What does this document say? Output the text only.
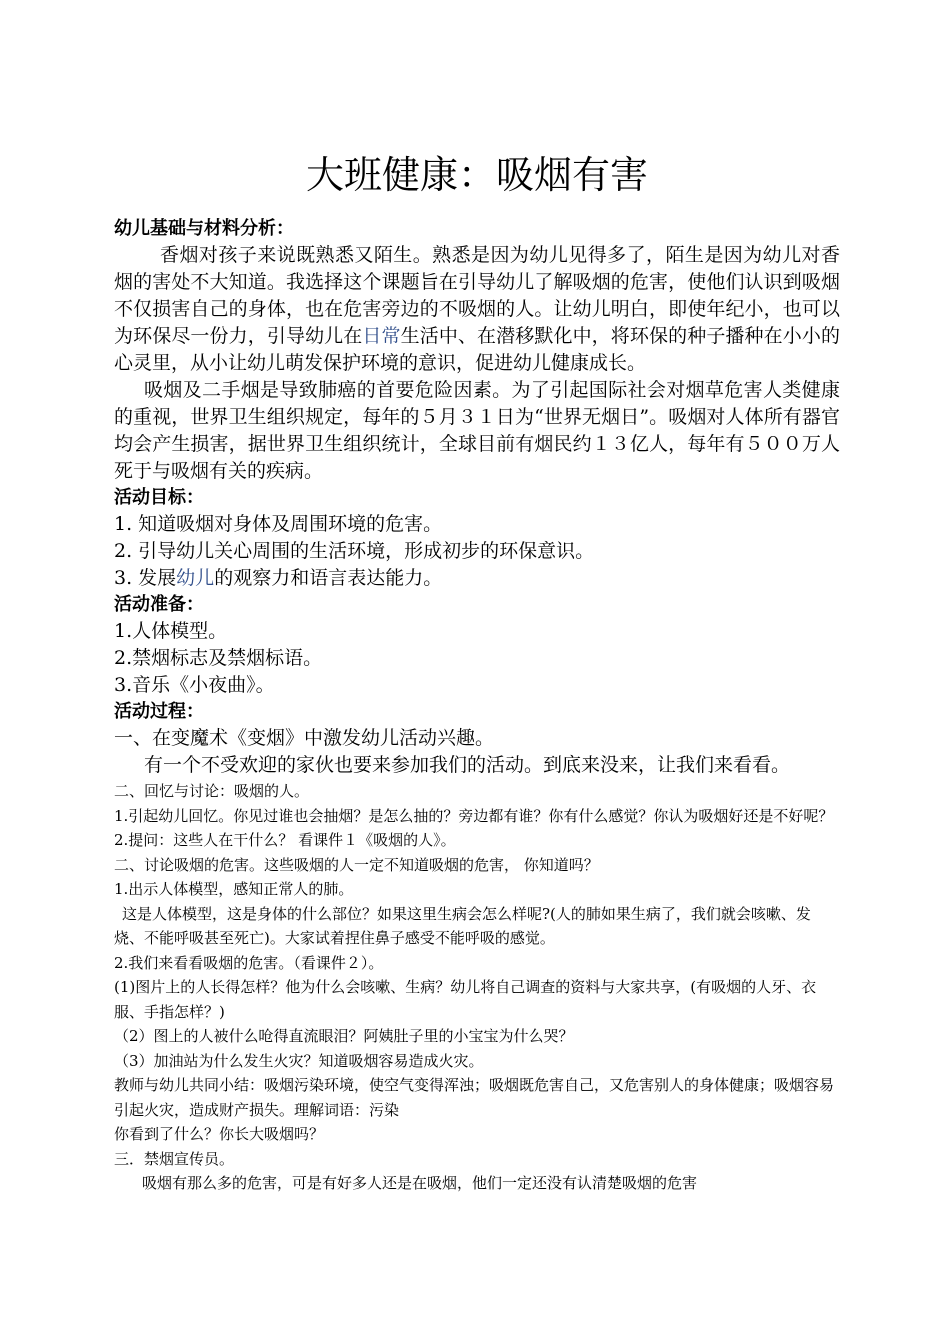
大班健康：吸烟有害

幼儿基础与材料分析：

香烟对孩子来说既熟悉又陌生。熟悉是因为幼儿见得多了，陌生是因为幼儿对香烟的害处不大知道。我选择这个课题旨在引导幼儿了解吸烟的危害，使他们认识到吸烟不仅损害自己的身体，也在危害旁边的不吸烟的人。让幼儿明白，即使年纪小，也可以为环保尽一份力，引导幼儿在日常生活中、在潜移默化中，将环保的种子播种在小小的心灵里，从小让幼儿萌发保护环境的意识，促进幼儿健康成长。

吸烟及二手烟是导致肺癌的首要危险因素。为了引起国际社会对烟草危害人类健康的重视，世界卫生组织规定，每年的５月３１日为“世界无烟日”。吸烟对人体所有器官均会产生损害，据世界卫生组织统计，全球目前有烟民约１３亿人，每年有５００万人死于与吸烟有关的疾病。

活动目标：

1. 知道吸烟对身体及周围环境的危害。

2. 引导幼儿关心周围的生活环境，形成初步的环保意识。

3. 发展幼儿的观察力和语言表达能力。

活动准备：

1.人体模型。

2.禁烟标志及禁烟标语。

3.音乐《小夜曲》。

活动过程：

一、在变魔术《变烟》中激发幼儿活动兴趣。

有一个不受欢迎的家伙也要来参加我们的活动。到底来没来，让我们来看看。

二、回忆与讨论：吸烟的人。

1.引起幼儿回忆。你见过谁也会抽烟？是怎么抽的？旁边都有谁？你有什么感觉？你认为吸烟好还是不好呢？

2.提问：这些人在干什么？ 看课件１《吸烟的人》。

二、讨论吸烟的危害。这些吸烟的人一定不知道吸烟的危害， 你知道吗？

1.出示人体模型，感知正常人的肺。

这是人体模型，这是身体的什么部位？如果这里生病会怎么样呢?(人的肺如果生病了，我们就会咳嗽、发烧、不能呼吸甚至死亡)。大家试着捏住鼻子感受不能呼吸的感觉。

2.我们来看看吸烟的危害。（看课件２）。

(1)图片上的人长得怎样？他为什么会咳嗽、生病？幼儿将自己调查的资料与大家共享，(有吸烟的人牙、衣服、手指怎样？)

（2）图上的人被什么呛得直流眼泪？阿姨肚子里的小宝宝为什么哭？

（3）加油站为什么发生火灾？知道吸烟容易造成火灾。

教师与幼儿共同小结：吸烟污染环境，使空气变得浑浊；吸烟既危害自己，又危害别人的身体健康；吸烟容易引起火灾，造成财产损失。理解词语：污染

你看到了什么？你长大吸烟吗？

三．禁烟宣传员。

吸烟有那么多的危害，可是有好多人还是在吸烟，他们一定还没有认清楚吸烟的危害
